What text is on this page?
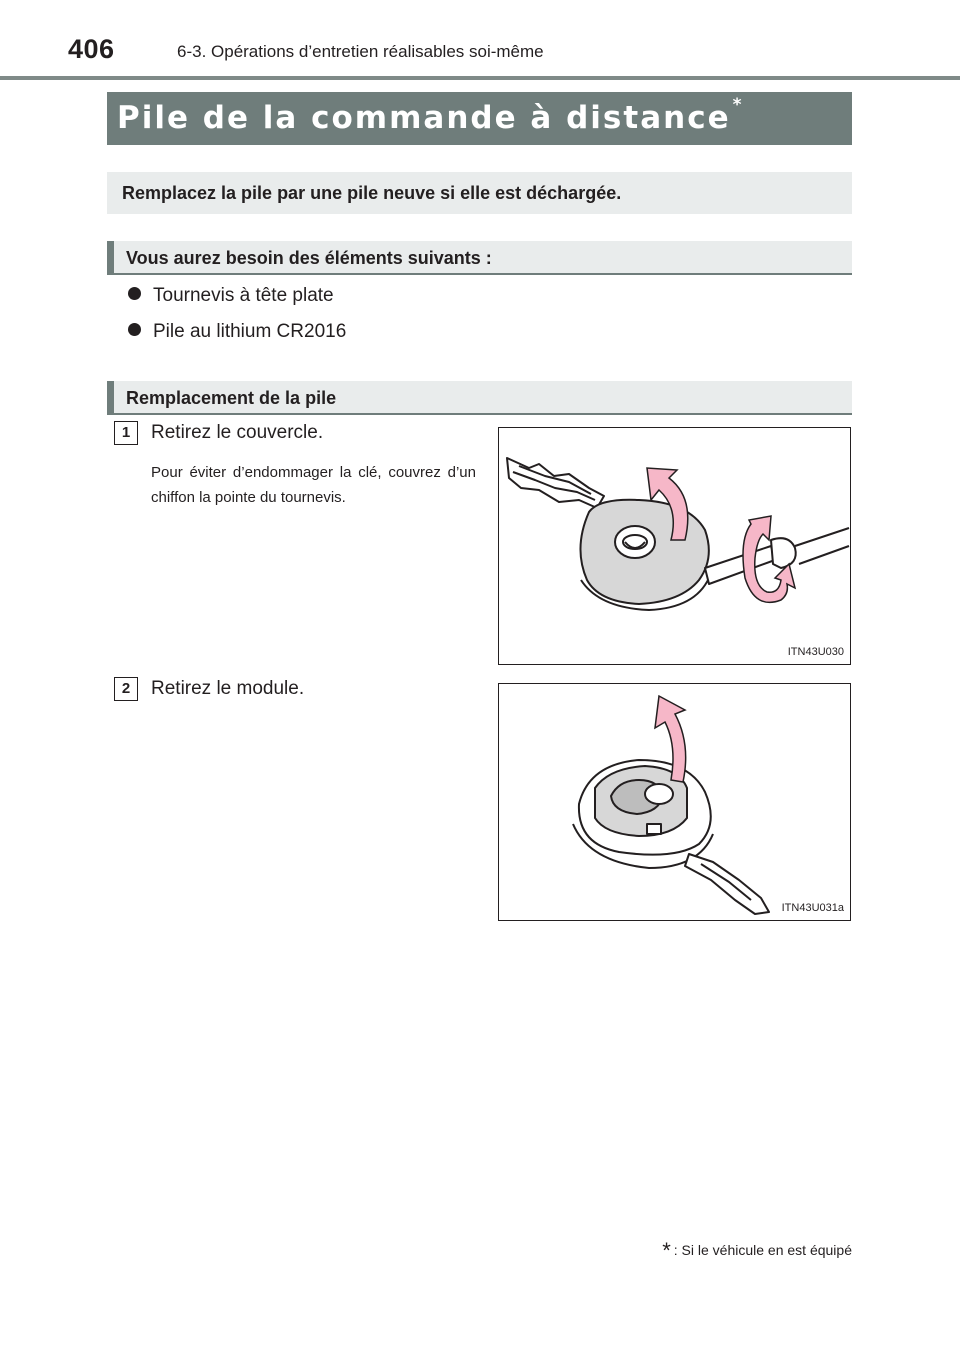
406	6-3. Opérations d’entretien réalisables soi-même
Pile de la commande à distance *
Remplacez la pile par une pile neuve si elle est déchargée.
Vous aurez besoin des éléments suivants :
Tournevis à tête plate
Pile au lithium CR2016
Remplacement de la pile
1	Retirez le couvercle.
Pour éviter d’endommager la clé, couvrez d’un chiffon la pointe du tournevis.
ITN43U030
2	Retirez le module.
ITN43U031a
* : Si le véhicule en est équipé
